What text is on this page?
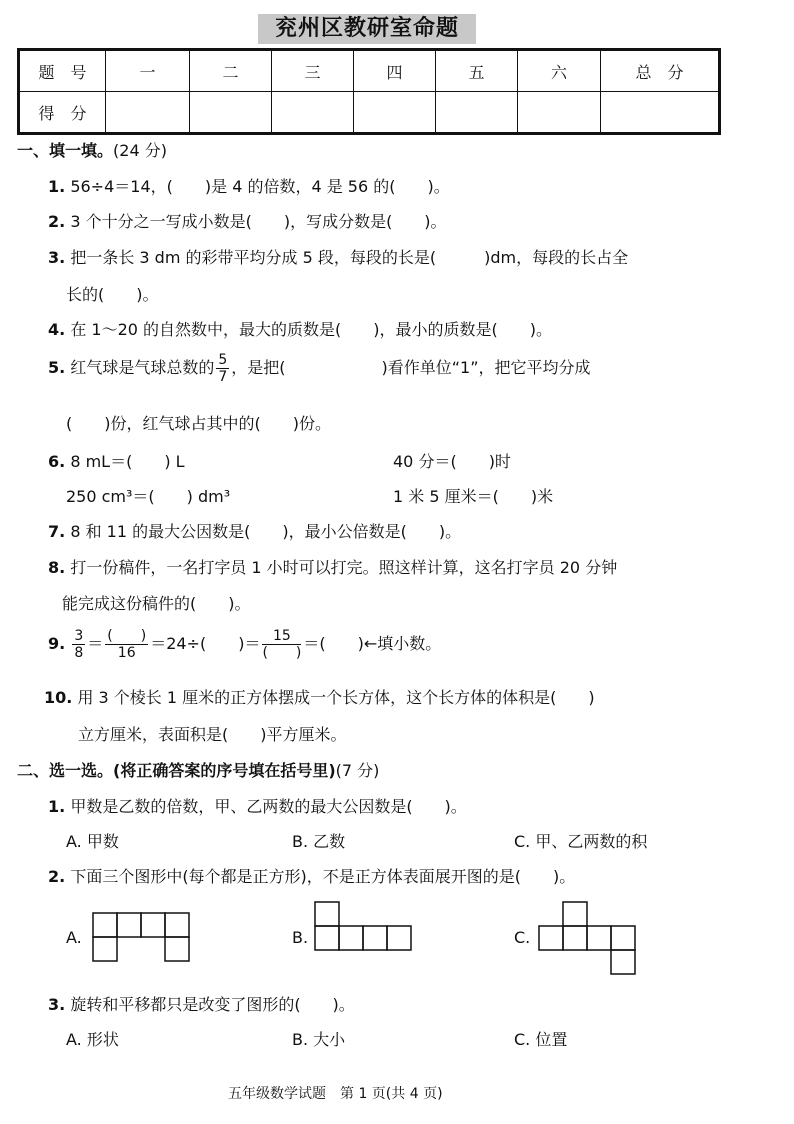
兖州区教研室命题
题　号	一	二	三	四	五	六	总　分
得　分							
一、填一填。(24 分)
1. 56÷4＝14，(　　)是 4 的倍数，4 是 56 的(　　)。
2. 3 个十分之一写成小数是(　　)，写成分数是(　　)。
3. 把一条长 3 dm 的彩带平均分成 5 段，每段的长是(　　　)dm，每段的长占全
长的(　　)。
4. 在 1～20 的自然数中，最大的质数是(　　)，最小的质数是(　　)。
5. 红气球是气球总数的 $\frac{5}{7}$ ，是把(　　　　　　)看作单位“1”，把它平均分成
(　　)份，红气球占其中的(　　)份。
6. 8 mL＝(　　) L	40 分＝(　　)时
250 cm³＝(　　) dm³	1 米 5 厘米＝(　　)米
7. 8 和 11 的最大公因数是(　　)，最小公倍数是(　　)。
8. 打一份稿件，一名打字员 1 小时可以打完。照这样计算，这名打字员 20 分钟
能完成这份稿件的(　　)。
9. $\frac{3}{8} = \frac{( )}{16} =24\div$(　　)＝ $\frac{15}{( )}$ ＝(　　)←填小数。
10. 用 3 个棱长 1 厘米的正方体摆成一个长方体，这个长方体的体积是(　　)
立方厘米，表面积是(　　)平方厘米。
二、选一选。(将正确答案的序号填在括号里)(7 分)
1. 甲数是乙数的倍数，甲、乙两数的最大公因数是(　　)。
A. 甲数	B. 乙数	C. 甲、乙两数的积
2. 下面三个图形中(每个都是正方形)，不是正方体表面展开图的是(　　)。
A.	B.	C.
3. 旋转和平移都只是改变了图形的(　　)。
A. 形状	B. 大小	C. 位置
五年级数学试题　第 1 页(共 4 页)
